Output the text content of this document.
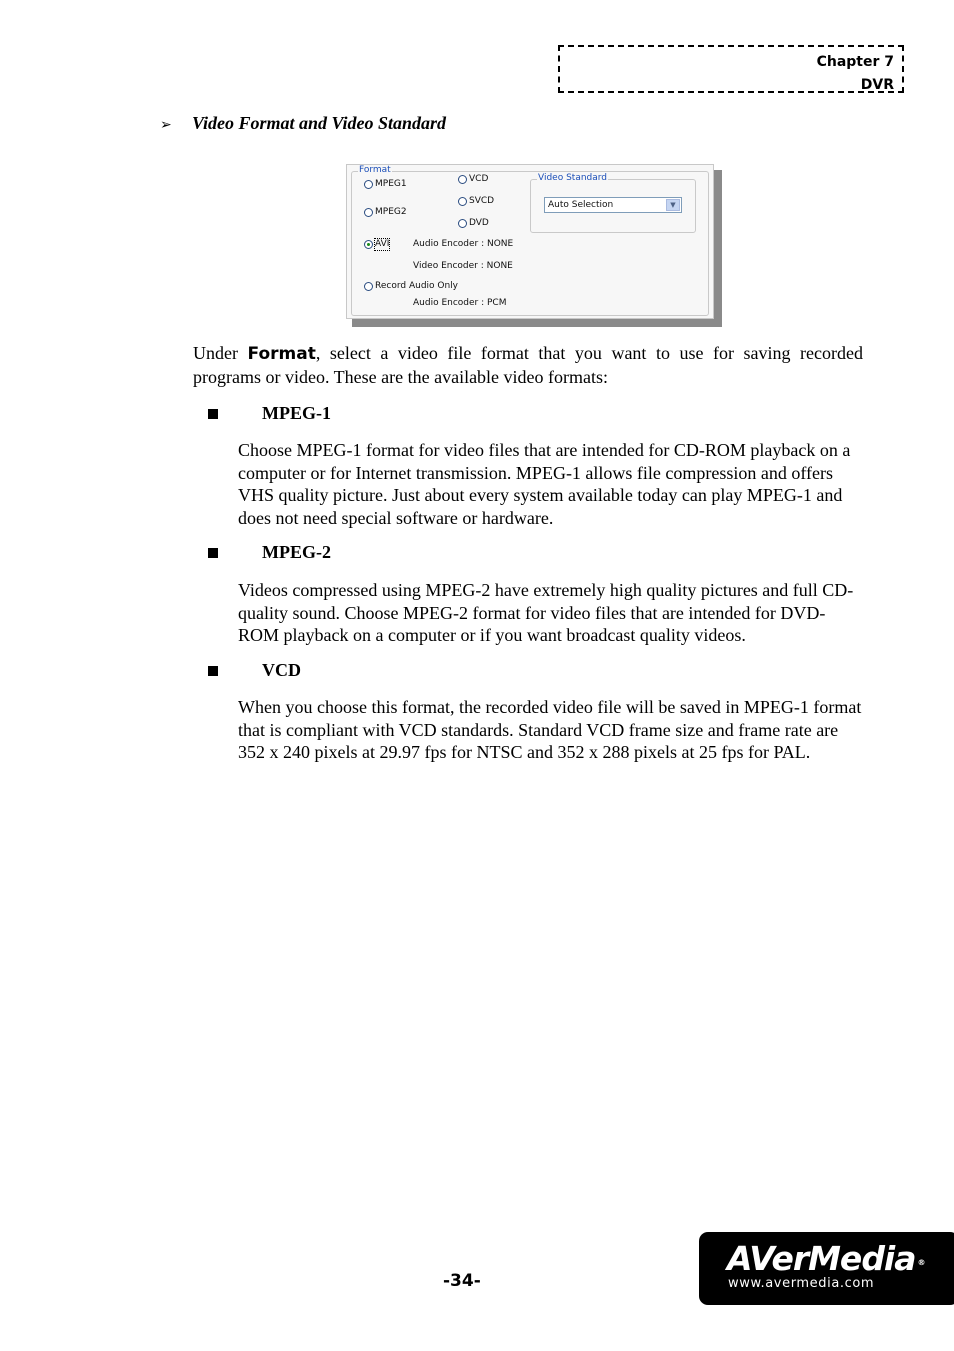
Chapter 7
DVR
➢ Video Format and Video Standard
Format
MPEG1
MPEG2
AVI
Record Audio Only
VCD
SVCD
DVD
Audio Encoder : NONE
Video Encoder : NONE
Audio Encoder : PCM
Video Standard
Auto Selection	▼
Under Format, select a video file format that you want to use for saving recorded programs or video. These are the available video formats:
MPEG-1
Choose MPEG-1 format for video files that are intended for CD-ROM playback on a computer or for Internet transmission. MPEG-1 allows file compression and offers VHS quality picture. Just about every system available today can play MPEG-1 and does not need special software or hardware.
MPEG-2
Videos compressed using MPEG-2 have extremely high quality pictures and full CD-quality sound. Choose MPEG-2 format for video files that are intended for DVD-ROM playback on a computer or if you want broadcast quality videos.
VCD
When you choose this format, the recorded video file will be saved in MPEG-1 format that is compliant with VCD standards. Standard VCD frame size and frame rate are 352 x 240 pixels at 29.97 fps for NTSC and 352 x 288 pixels at 25 fps for PAL.
-34-
AVerMedia ®
www.avermedia.com
